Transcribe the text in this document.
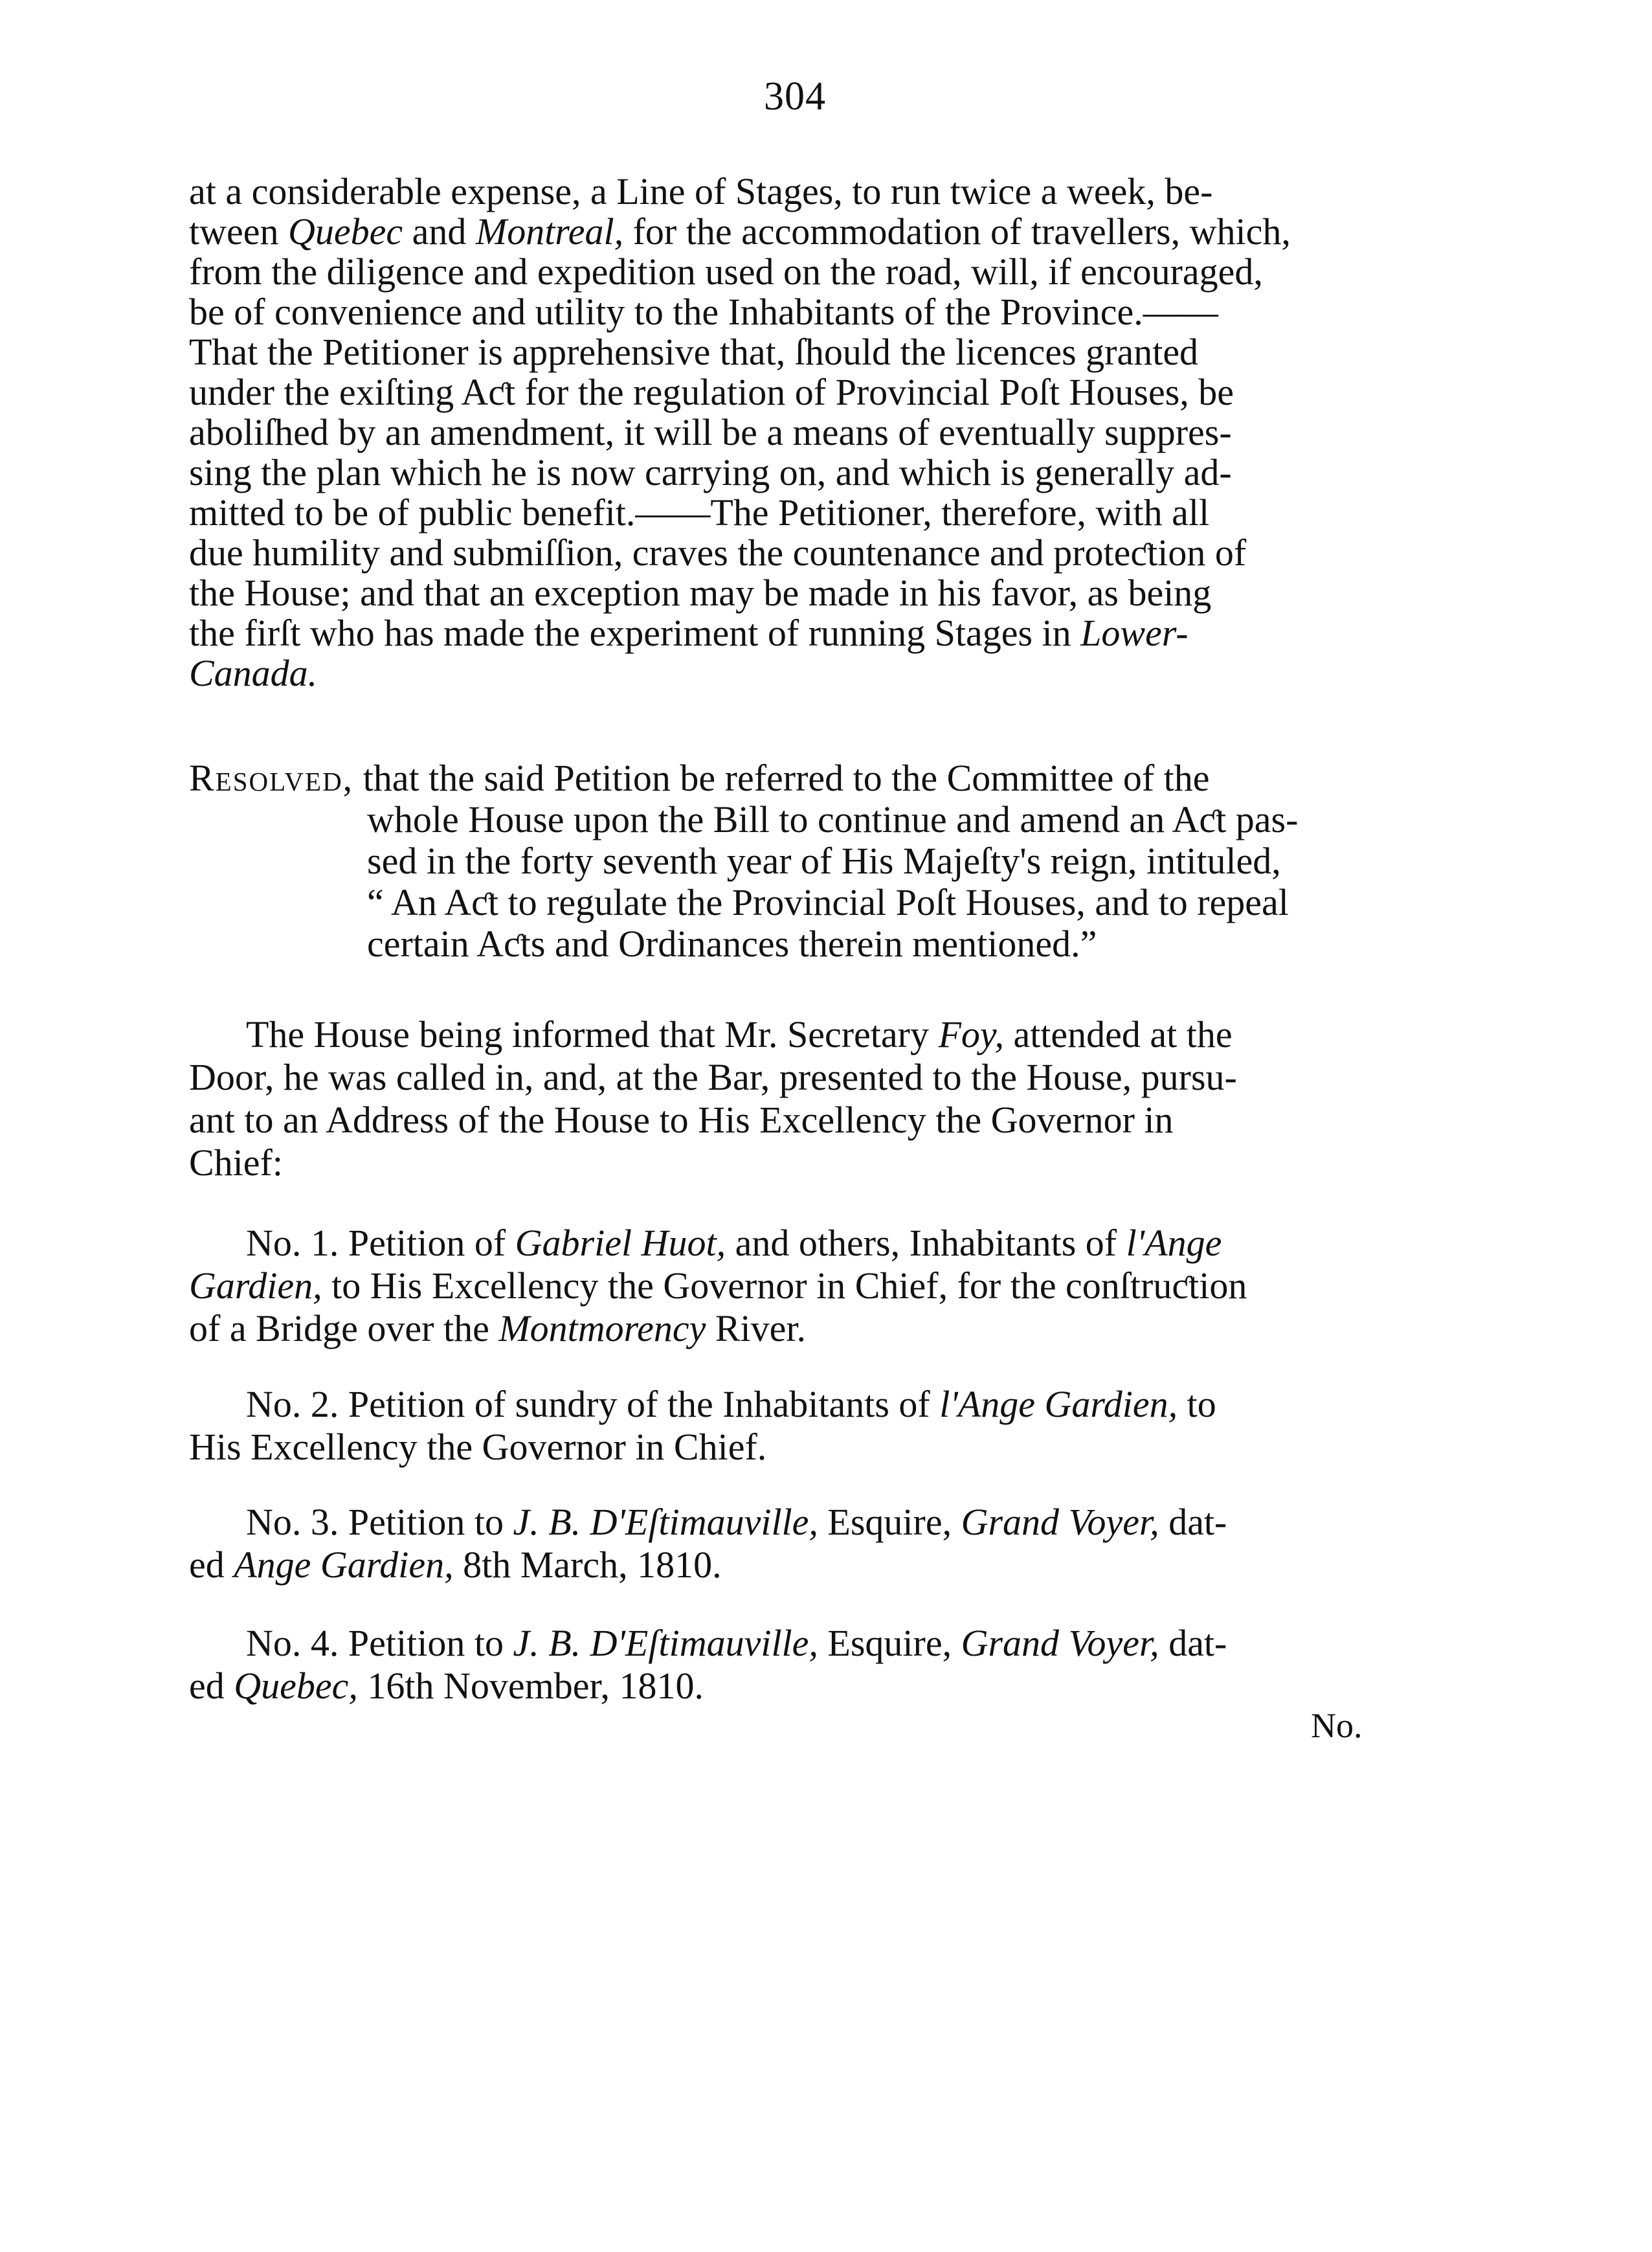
304
at a considerable expense, a Line of Stages, to run twice a week, be-
tween Quebec and Montreal, for the accommodation of travellers, which,
from the diligence and expedition used on the road, will, if encouraged,
be of convenience and utility to the Inhabitants of the Province.——
That the Petitioner is apprehensive that, ſhould the licences granted
under the exiſting Aƈt for the regulation of Provincial Poſt Houses, be
aboliſhed by an amendment, it will be a means of eventually suppres-
sing the plan which he is now carrying on, and which is generally ad-
mitted to be of public benefit.——The Petitioner, therefore, with all
due humility and submiſſion, craves the countenance and proteƈtion of
the House; and that an exception may be made in his favor, as being
the firſt who has made the experiment of running Stages in Lower-
Canada.
Resolved, that the said Petition be referred to the Committee of the
whole House upon the Bill to continue and amend an Aƈt pas-
sed in the forty seventh year of His Majeſty's reign, intituled,
“ An Aƈt to regulate the Provincial Poſt Houses, and to repeal
certain Aƈts and Ordinances therein mentioned.”
The House being informed that Mr. Secretary Foy, attended at the
Door, he was called in, and, at the Bar, presented to the House, pursu-
ant to an Address of the House to His Excellency the Governor in
Chief:
No. 1. Petition of Gabriel Huot, and others, Inhabitants of l'Ange
Gardien, to His Excellency the Governor in Chief, for the conſtruƈtion
of a Bridge over the Montmorency River.
No. 2. Petition of sundry of the Inhabitants of l'Ange Gardien, to
His Excellency the Governor in Chief.
No. 3. Petition to J. B. D'Eſtimauville, Esquire, Grand Voyer, dat-
ed Ange Gardien, 8th March, 1810.
No. 4. Petition to J. B. D'Eſtimauville, Esquire, Grand Voyer, dat-
ed Quebec, 16th November, 1810.
No.
